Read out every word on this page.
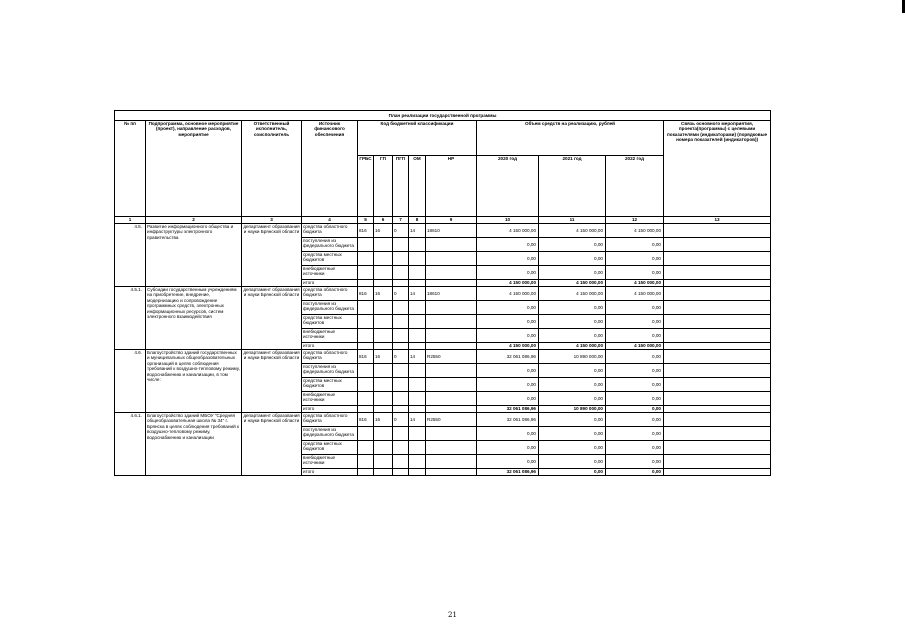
План реализации государственной программы												
№ пп	Подпрограмма, основное мероприятие (проект), направление расходов, мероприятие	Ответственный исполнитель, соисполнитель	Источник финансового обеспечения	Код бюджетной классификации					Объем средств на реализацию, рублей			Связь основного мероприятия, проекта(программы) с целевыми показателями (индикаторами) (порядковые номера показателей (индикаторов))
				ГРБС	ГП	ПГП	ОМ	НР	2020 год	2021 год	2022 год	
1	2	3	4	5	6	7	8	9	10	11	12	13
4.5.	Развитие информационного общества и инфраструктуры электронного правительства	департамент образования и науки Брянской области	средства областного бюджета	816	16	0	14	18610	4 150 000,00	4 150 000,00	4 150 000,00	
			поступления из федерального бюджета						0,00	0,00	0,00	
			средства местных бюджетов						0,00	0,00	0,00	
			внебюджетные источники						0,00	0,00	0,00	
			итого						4 150 000,00	4 150 000,00	4 150 000,00	
4.5.1.	Субсидии государственным учреждениям на приобретение, внедрение, модернизацию и сопровождение программных средств, электронных информационных ресурсов, систем электронного взаимодействия	департамент образования и науки Брянской области	средства областного бюджета	816	16	0	14	18610	4 150 000,00	4 150 000,00	4 150 000,00	
			поступления из федерального бюджета						0,00	0,00	0,00	
			средства местных бюджетов						0,00	0,00	0,00	
			внебюджетные источники						0,00	0,00	0,00	
			итого						4 150 000,00	4 150 000,00	4 150 000,00	
4.6.	Благоустройство зданий государственных и муниципальных общеобразовательных организаций в целях соблюдения требований к воздушно-тепловому режиму, водоснабжению и канализации, в том числе:	департамент образования и науки Брянской области	средства областного бюджета	816	16	0	14	R2550	32 061 086,96	10 890 000,00	0,00	
			поступления из федерального бюджета						0,00	0,00	0,00	
			средства местных бюджетов						0,00	0,00	0,00	
			внебюджетные источники						0,00	0,00	0,00	
			итого						32 061 086,96	10 890 000,00	0,00	
4.6.1.	Благоустройство зданий МБОУ "Средняя общеобразовательная школа № 34" г. Брянска в целях соблюдения требований к воздушно-тепловому режиму, водоснабжению и канализации	департамент образования и науки Брянской области	средства областного бюджета	816	16	0	14	R2550	32 061 086,96	0,00	0,00	
			поступления из федерального бюджета						0,00	0,00	0,00	
			средства местных бюджетов						0,00	0,00	0,00	
			внебюджетные источники						0,00	0,00	0,00	
			итого						32 061 086,96	0,00	0,00	
21
